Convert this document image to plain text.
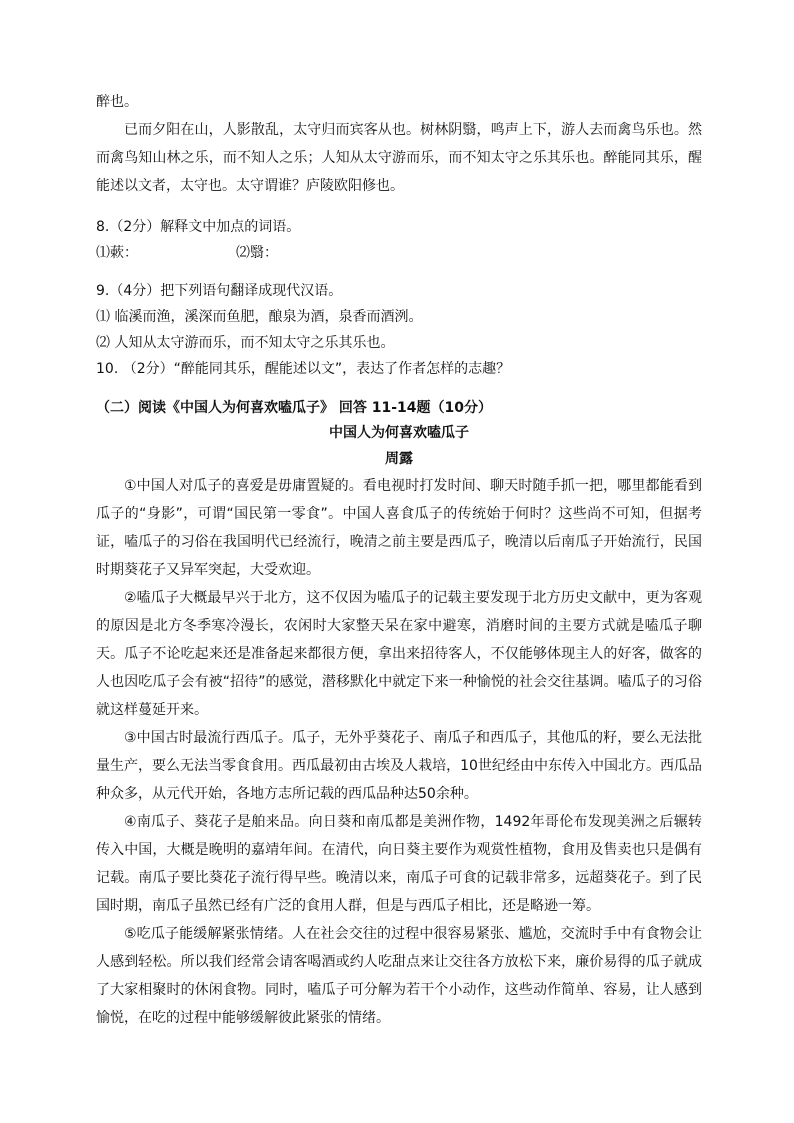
醉也。

已而夕阳在山，人影散乱，太守归而宾客从也。树林阴翳，鸣声上下，游人去而禽鸟乐也。然而禽鸟知山林之乐，而不知人之乐；人知从太守游而乐，而不知太守之乐其乐也。醉能同其乐，醒能述以文者，太守也。太守谓谁？庐陵欧阳修也。

8.（2分）解释文中加点的词语。

⑴蔌：	⑵翳：

9.（4分）把下列语句翻译成现代汉语。

⑴ 临溪而渔，溪深而鱼肥，酿泉为酒，泉香而酒洌。

⑵ 人知从太守游而乐，而不知太守之乐其乐也。

10. （2分）“醉能同其乐，醒能述以文”，表达了作者怎样的志趣？

（二）阅读《中国人为何喜欢嗑瓜子》 回答 11-14题（10分）

中国人为何喜欢嗑瓜子

周露

①中国人对瓜子的喜爱是毋庸置疑的。看电视时打发时间、聊天时随手抓一把，哪里都能看到瓜子的“身影”，可谓“国民第一零食”。中国人喜食瓜子的传统始于何时？这些尚不可知，但据考证，嗑瓜子的习俗在我国明代已经流行，晚清之前主要是西瓜子，晚清以后南瓜子开始流行，民国时期葵花子又异军突起，大受欢迎。

②嗑瓜子大概最早兴于北方，这不仅因为嗑瓜子的记载主要发现于北方历史文献中，更为客观的原因是北方冬季寒冷漫长，农闲时大家整天呆在家中避寒，消磨时间的主要方式就是嗑瓜子聊天。瓜子不论吃起来还是准备起来都很方便，拿出来招待客人，不仅能够体现主人的好客，做客的人也因吃瓜子会有被“招待”的感觉，潜移默化中就定下来一种愉悦的社会交往基调。嗑瓜子的习俗就这样蔓延开来。

③中国古时最流行西瓜子。瓜子，无外乎葵花子、南瓜子和西瓜子，其他瓜的籽，要么无法批量生产，要么无法当零食食用。西瓜最初由古埃及人栽培，10世纪经由中东传入中国北方。西瓜品种众多，从元代开始，各地方志所记载的西瓜品种达50余种。

④南瓜子、葵花子是舶来品。向日葵和南瓜都是美洲作物，1492年哥伦布发现美洲之后辗转传入中国，大概是晚明的嘉靖年间。在清代，向日葵主要作为观赏性植物，食用及售卖也只是偶有记载。南瓜子要比葵花子流行得早些。晚清以来，南瓜子可食的记载非常多，远超葵花子。到了民国时期，南瓜子虽然已经有广泛的食用人群，但是与西瓜子相比，还是略逊一筹。

⑤吃瓜子能缓解紧张情绪。人在社会交往的过程中很容易紧张、尴尬，交流时手中有食物会让人感到轻松。所以我们经常会请客喝酒或约人吃甜点来让交往各方放松下来，廉价易得的瓜子就成了大家相聚时的休闲食物。同时，嗑瓜子可分解为若干个小动作，这些动作简单、容易，让人感到愉悦，在吃的过程中能够缓解彼此紧张的情绪。
